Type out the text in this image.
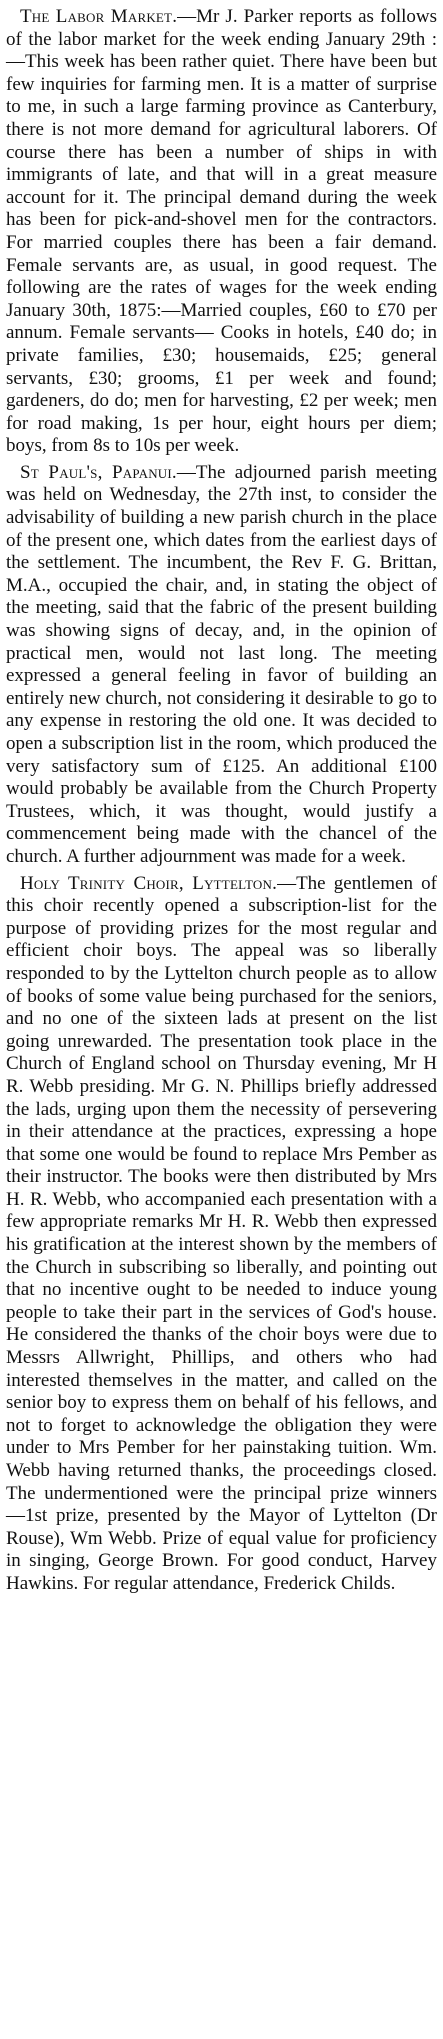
The Labor Market.—Mr J. Parker reports as follows of the labor market for the week ending January 29th :—This week has been rather quiet. There have been but few inquiries for farming men. It is a matter of surprise to me, in such a large farming province as Canterbury, there is not more demand for agricultural laborers. Of course there has been a number of ships in with immigrants of late, and that will in a great measure account for it. The principal demand during the week has been for pick-and-shovel men for the contractors. For married couples there has been a fair demand. Female servants are, as usual, in good request. The following are the rates of wages for the week ending January 30th, 1875:—Married couples, £60 to £70 per annum. Female servants— Cooks in hotels, £40 do; in private families, £30; housemaids, £25; general servants, £30; grooms, £1 per week and found; gardeners, do do; men for harvesting, £2 per week; men for road making, 1s per hour, eight hours per diem; boys, from 8s to 10s per week.

St Paul's, Papanui.—The adjourned parish meeting was held on Wednesday, the 27th inst, to consider the advisability of building a new parish church in the place of the present one, which dates from the earliest days of the settlement. The incumbent, the Rev F. G. Brittan, M.A., occupied the chair, and, in stating the object of the meeting, said that the fabric of the present building was showing signs of decay, and, in the opinion of practical men, would not last long. The meeting expressed a general feeling in favor of building an entirely new church, not considering it desirable to go to any expense in restoring the old one. It was decided to open a subscription list in the room, which produced the very satisfactory sum of £125. An additional £100 would probably be available from the Church Property Trustees, which, it was thought, would justify a commencement being made with the chancel of the church. A further adjournment was made for a week.

Holy Trinity Choir, Lyttelton.—The gentlemen of this choir recently opened a subscription-list for the purpose of providing prizes for the most regular and efficient choir boys. The appeal was so liberally responded to by the Lyttelton church people as to allow of books of some value being purchased for the seniors, and no one of the sixteen lads at present on the list going unrewarded. The presentation took place in the Church of England school on Thursday evening, Mr H R. Webb presiding. Mr G. N. Phillips briefly addressed the lads, urging upon them the necessity of persevering in their attendance at the practices, expressing a hope that some one would be found to replace Mrs Pember as their instructor. The books were then distributed by Mrs H. R. Webb, who accompanied each presentation with a few appropriate remarks Mr H. R. Webb then expressed his gratification at the interest shown by the members of the Church in subscribing so liberally, and pointing out that no incentive ought to be needed to induce young people to take their part in the services of God's house. He considered the thanks of the choir boys were due to Messrs Allwright, Phillips, and others who had interested themselves in the matter, and called on the senior boy to express them on behalf of his fellows, and not to forget to acknowledge the obligation they were under to Mrs Pember for her painstaking tuition. Wm. Webb having returned thanks, the proceedings closed. The undermentioned were the principal prize winners —1st prize, presented by the Mayor of Lyttelton (Dr Rouse), Wm Webb. Prize of equal value for proficiency in singing, George Brown. For good conduct, Harvey Hawkins. For regular attendance, Frederick Childs.
